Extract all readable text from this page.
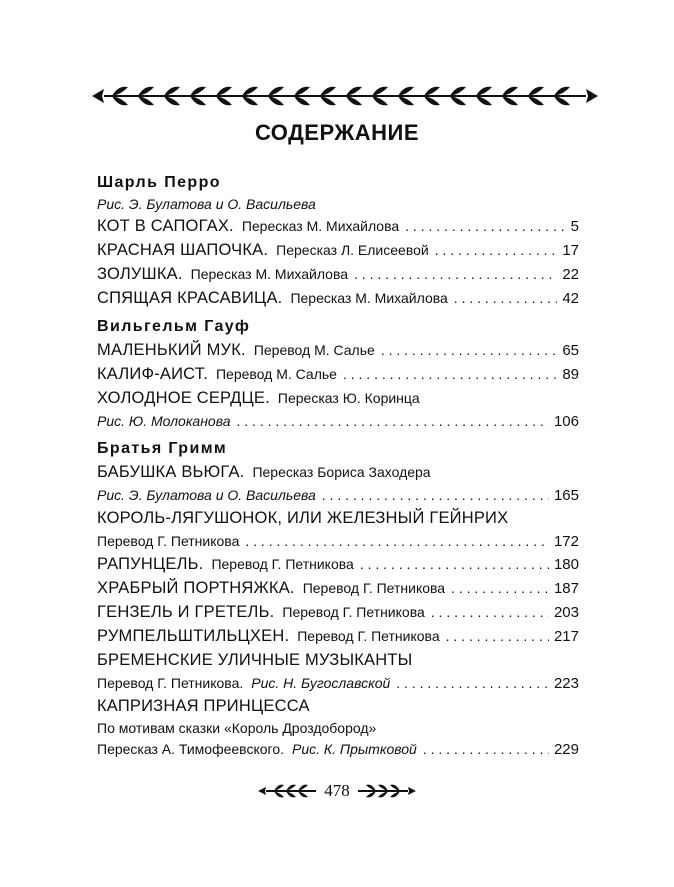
СОДЕРЖАНИЕ
Шарль Перро
Рис. Э. Булатова и О. Васильева
КОТ В САПОГАХ. Пересказ М. Михайлова . . .	5
КРАСНАЯ ШАПОЧКА. Пересказ Л. Елисеевой . . .	17
ЗОЛУШКА. Пересказ М. Михайлова . . .	22
СПЯЩАЯ КРАСАВИЦА. Пересказ М. Михайлова . . .	42
Вильгельм Гауф
МАЛЕНЬКИЙ МУК. Перевод М. Салье . . .	65
КАЛИФ-АИСТ. Перевод М. Салье . . .	89
ХОЛОДНОЕ СЕРДЦЕ. Пересказ Ю. Коринца
Рис. Ю. Молоканова . . .	106
Братья Гримм
БАБУШКА ВЬЮГА. Пересказ Бориса Заходера
Рис. Э. Булатова и О. Васильева . . .	165
КОРОЛЬ-ЛЯГУШОНОК, ИЛИ ЖЕЛЕЗНЫЙ ГЕЙНРИХ
Перевод Г. Петникова . . .	172
РАПУНЦЕЛЬ. Перевод Г. Петникова . . .	180
ХРАБРЫЙ ПОРТНЯЖКА. Перевод Г. Петникова . . .	187
ГЕНЗЕЛЬ И ГРЕТЕЛЬ. Перевод Г. Петникова . . .	203
РУМПЕЛЬШТИЛЬЦХЕН. Перевод Г. Петникова . . .	217
БРЕМЕНСКИЕ УЛИЧНЫЕ МУЗЫКАНТЫ
Перевод Г. Петникова. Рис. Н. Бугославской . . .	223
КАПРИЗНАЯ ПРИНЦЕССА
По мотивам сказки «Король Дроздобород»
Пересказ А. Тимофеевского. Рис. К. Прытковой . . .	229
478
